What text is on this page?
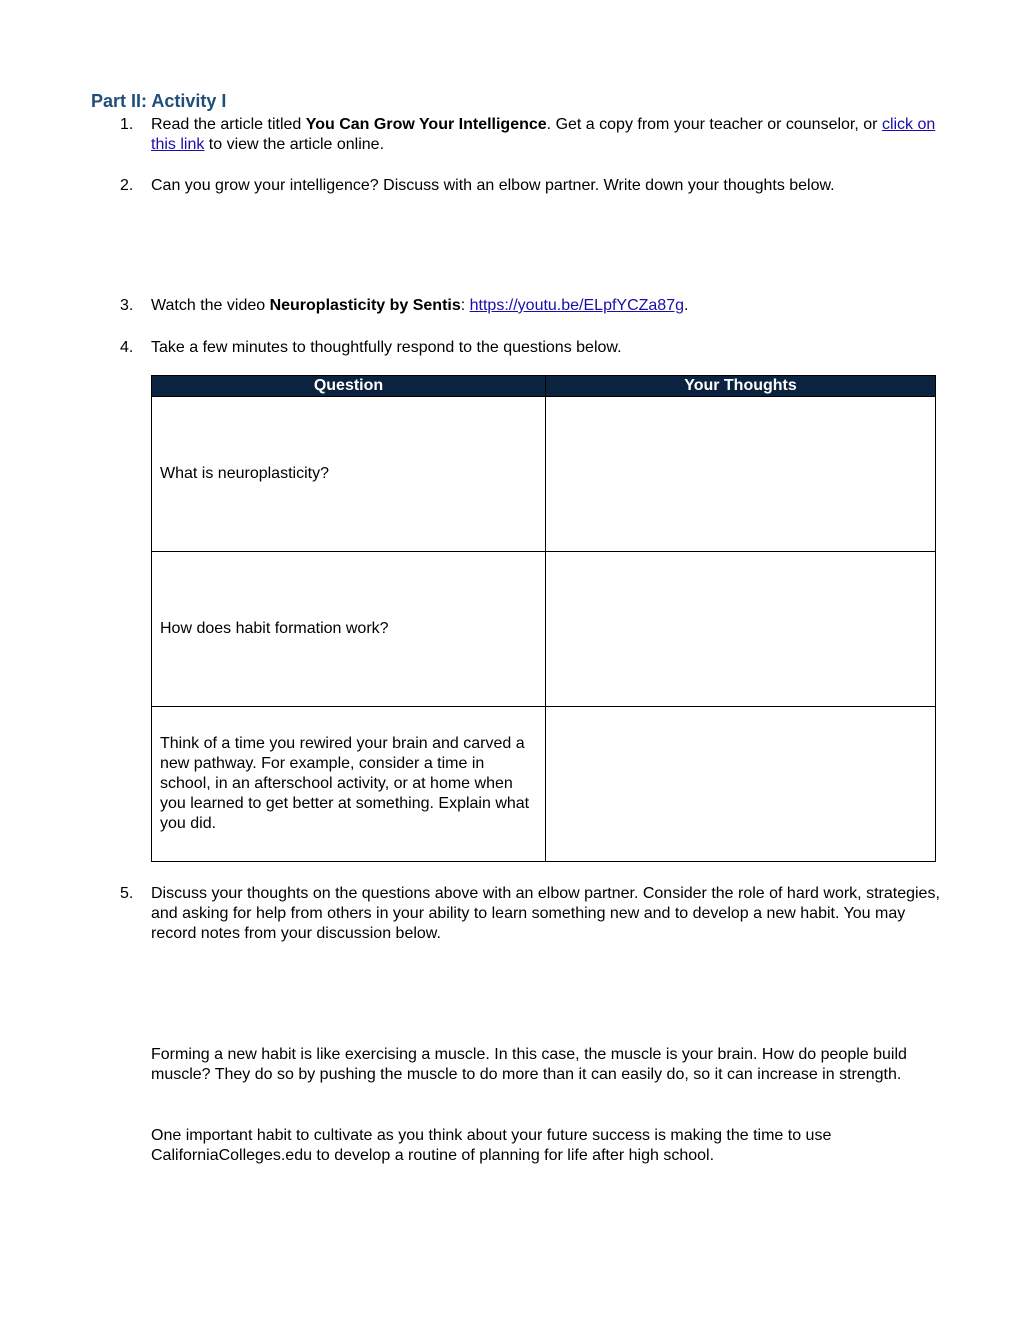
Part II: Activity I
1.	Read the article titled You Can Grow Your Intelligence. Get a copy from your teacher or counselor, or click on this link to view the article online.
2.	Can you grow your intelligence? Discuss with an elbow partner. Write down your thoughts below.
3.	Watch the video Neuroplasticity by Sentis: https://youtu.be/ELpfYCZa87g.
4.	Take a few minutes to thoughtfully respond to the questions below.
Question	Your Thoughts
What is neuroplasticity?	
How does habit formation work?	
Think of a time you rewired your brain and carved a new pathway. For example, consider a time in school, in an afterschool activity, or at home when you learned to get better at something. Explain what you did.	
5.	Discuss your thoughts on the questions above with an elbow partner. Consider the role of hard work, strategies, and asking for help from others in your ability to learn something new and to develop a new habit. You may record notes from your discussion below.

Forming a new habit is like exercising a muscle. In this case, the muscle is your brain. How do people build muscle? They do so by pushing the muscle to do more than it can easily do, so it can increase in strength.

One important habit to cultivate as you think about your future success is making the time to use CaliforniaColleges.edu to develop a routine of planning for life after high school.
